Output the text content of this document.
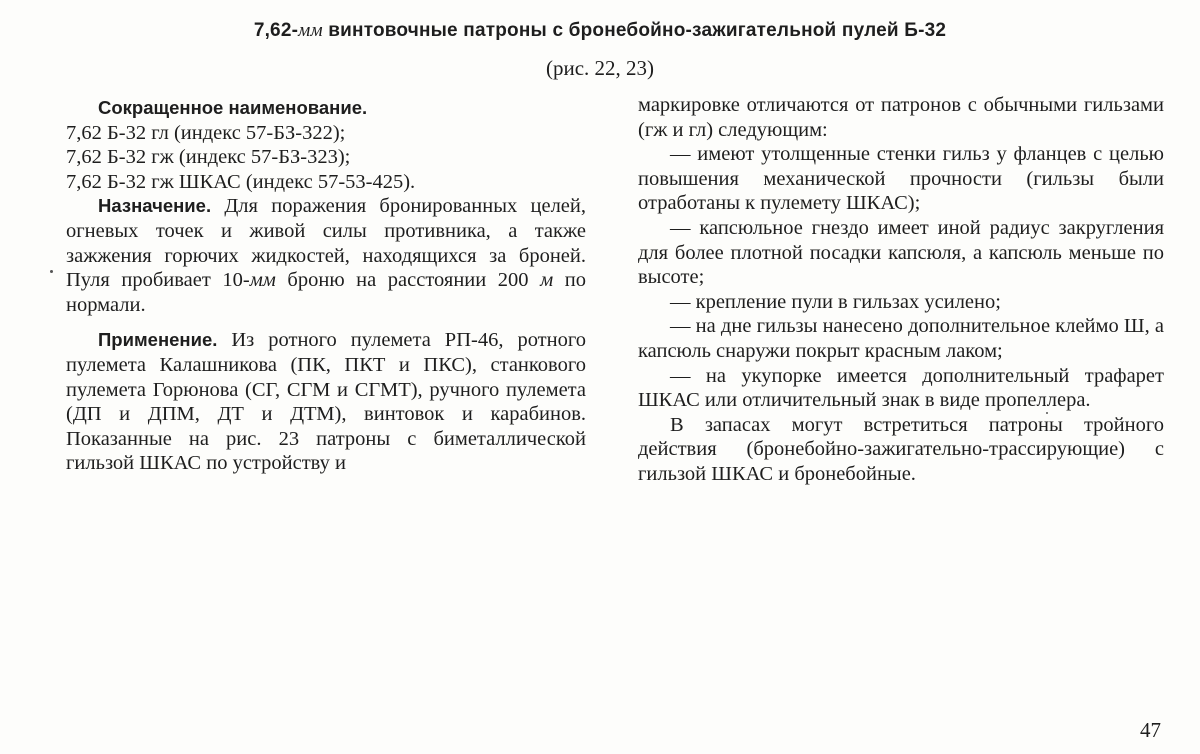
7,62-мм винтовочные патроны с бронебойно-зажигательной пулей Б-32
(рис. 22, 23)

Сокращенное наименование.

7,62 Б-32 гл (индекс 57-БЗ-322);

7,62 Б-32 гж (индекс 57-БЗ-323);

7,62 Б-32 гж ШКАС (индекс 57-53-425).

Назначение. Для поражения бронированных целей, огневых точек и живой силы противника, а также зажжения горючих жидкостей, находящихся за броней. Пуля пробивает 10-мм броню на расстоянии 200 м по нормали.

Применение. Из ротного пулемета РП-46, ротного пулемета Калашникова (ПК, ПКТ и ПКС), станкового пулемета Горюнова (СГ, СГМ и СГМТ), ручного пулемета (ДП и ДПМ, ДТ и ДТМ), винтовок и карабинов. Показанные на рис. 23 патроны с биметаллической гильзой ШКАС по устройству и

маркировке отличаются от патронов с обычными гильзами (гж и гл) следующим:

— имеют утолщенные стенки гильз у фланцев с целью повышения механической прочности (гильзы были отработаны к пулемету ШКАС);

— капсюльное гнездо имеет иной радиус закругления для более плотной посадки капсюля, а капсюль меньше по высоте;

— крепление пули в гильзах усилено;

— на дне гильзы нанесено дополнительное клеймо Ш, а капсюль снаружи покрыт красным лаком;

— на укупорке имеется дополнительный трафарет ШКАС или отличительный знак в виде пропеллера.

В запасах могут встретиться патроны тройного действия (бронебойно-зажигательно-трассирующие) с гильзой ШКАС и бронебойные.

47
